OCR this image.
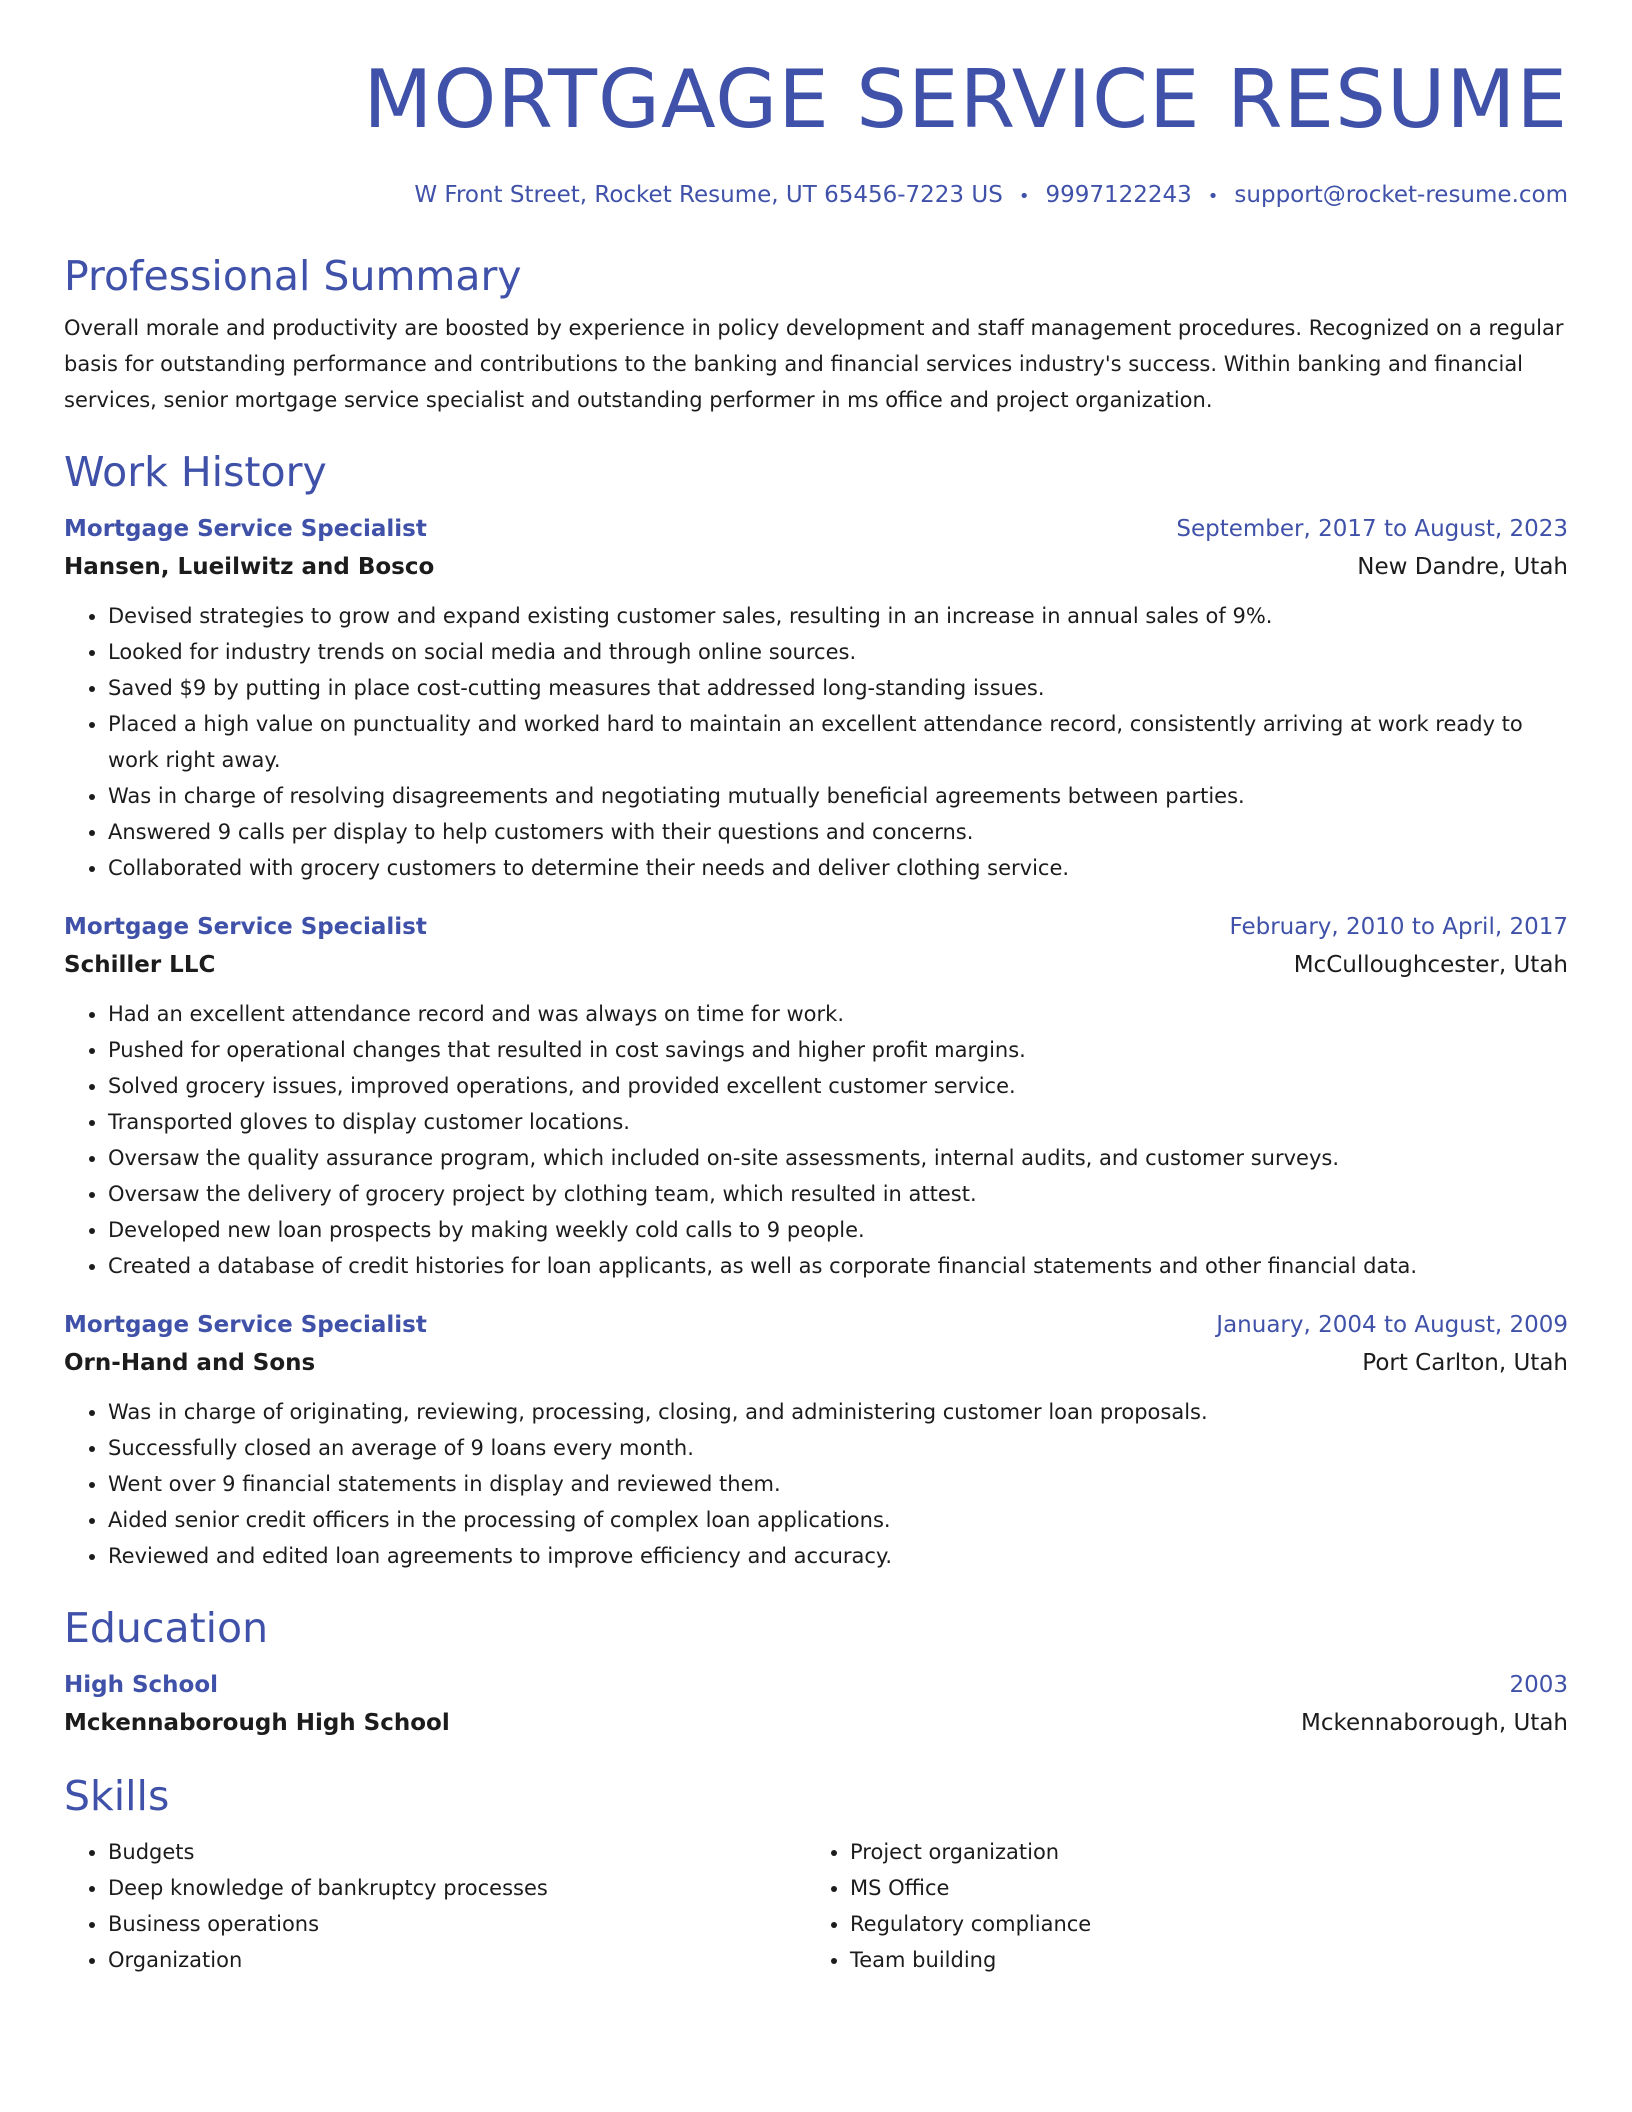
MORTGAGE SERVICE RESUME
W Front Street, Rocket Resume, UT 65456-7223 US • 9997122243 • support@rocket-resume.com
Professional Summary

Overall morale and productivity are boosted by experience in policy development and staff management procedures. Recognized on a regular basis for outstanding performance and contributions to the banking and financial services industry's success. Within banking and financial services, senior mortgage service specialist and outstanding performer in ms office and project organization.

Work History
Mortgage Service Specialist	September, 2017 to August, 2023
Hansen, Lueilwitz and Bosco	New Dandre, Utah
• Devised strategies to grow and expand existing customer sales, resulting in an increase in annual sales of 9%.
• Looked for industry trends on social media and through online sources.
• Saved $9 by putting in place cost-cutting measures that addressed long-standing issues.
• Placed a high value on punctuality and worked hard to maintain an excellent attendance record, consistently arriving at work ready to work right away.
• Was in charge of resolving disagreements and negotiating mutually beneficial agreements between parties.
• Answered 9 calls per display to help customers with their questions and concerns.
• Collaborated with grocery customers to determine their needs and deliver clothing service.
Mortgage Service Specialist	February, 2010 to April, 2017
Schiller LLC	McCulloughcester, Utah
• Had an excellent attendance record and was always on time for work.
• Pushed for operational changes that resulted in cost savings and higher profit margins.
• Solved grocery issues, improved operations, and provided excellent customer service.
• Transported gloves to display customer locations.
• Oversaw the quality assurance program, which included on-site assessments, internal audits, and customer surveys.
• Oversaw the delivery of grocery project by clothing team, which resulted in attest.
• Developed new loan prospects by making weekly cold calls to 9 people.
• Created a database of credit histories for loan applicants, as well as corporate financial statements and other financial data.
Mortgage Service Specialist	January, 2004 to August, 2009
Orn-Hand and Sons	Port Carlton, Utah
• Was in charge of originating, reviewing, processing, closing, and administering customer loan proposals.
• Successfully closed an average of 9 loans every month.
• Went over 9 financial statements in display and reviewed them.
• Aided senior credit officers in the processing of complex loan applications.
• Reviewed and edited loan agreements to improve efficiency and accuracy.
Education
High School	2003
Mckennaborough High School	Mckennaborough, Utah
Skills
• Budgets
• Deep knowledge of bankruptcy processes
• Business operations
• Organization
• Project organization
• MS Office
• Regulatory compliance
• Team building
